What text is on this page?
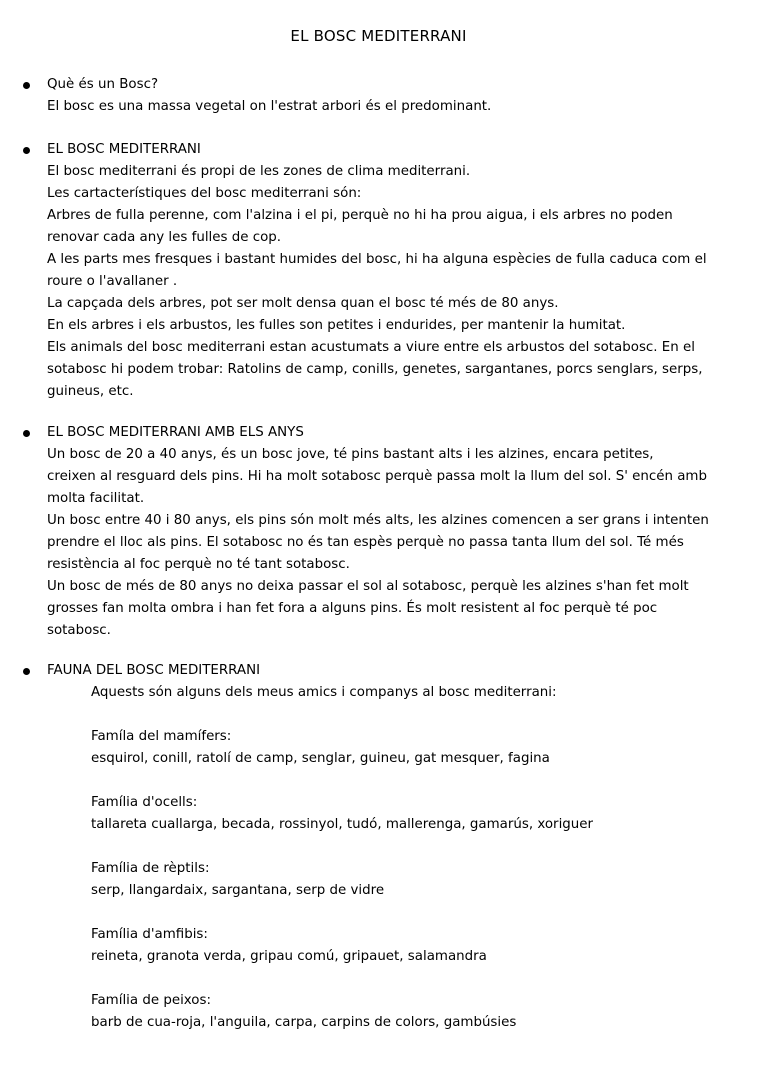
EL BOSC MEDITERRANI
Què és un Bosc?
El bosc es una massa vegetal on l'estrat arbori és el predominant.
EL BOSC MEDITERRANI
El bosc mediterrani és propi de les zones de clima mediterrani.
Les cartacterístiques del bosc mediterrani són:
Arbres de fulla perenne, com l'alzina i el pi, perquè no hi ha prou aigua, i els arbres no poden
renovar cada any les fulles de cop.
A les parts mes fresques i bastant humides del bosc, hi ha alguna espècies de fulla caduca com el
roure o l'avallaner .
La capçada dels arbres, pot ser molt densa quan el bosc té més de 80 anys.
En els arbres i els arbustos, les fulles son petites i endurides, per mantenir la humitat.
Els animals del bosc mediterrani estan acustumats a viure entre els arbustos del sotabosc. En el
sotabosc hi podem trobar: Ratolins de camp, conills, genetes, sargantanes, porcs senglars, serps,
guineus, etc.
EL BOSC MEDITERRANI AMB ELS ANYS
Un bosc de 20 a 40 anys, és un bosc jove, té pins bastant alts i les alzines, encara petites,
creixen al resguard dels pins. Hi ha molt sotabosc perquè passa molt la llum del sol. S' encén amb
molta facilitat.
Un bosc entre 40 i 80 anys, els pins són molt més alts, les alzines comencen a ser grans i intenten
prendre el lloc als pins. El sotabosc no és tan espès perquè no passa tanta llum del sol. Té més
resistència al foc perquè no té tant sotabosc.
Un bosc de més de 80 anys no deixa passar el sol al sotabosc, perquè les alzines s'han fet molt
grosses fan molta ombra i han fet fora a alguns pins. És molt resistent al foc perquè té poc
sotabosc.
FAUNA DEL BOSC MEDITERRANI
Aquests són alguns dels meus amics i companys al bosc mediterrani:
Famíla del mamífers:
esquirol, conill, ratolí de camp, senglar, guineu, gat mesquer, fagina
Família d'ocells:
tallareta cuallarga, becada, rossinyol, tudó, mallerenga, gamarús, xoriguer
Família de rèptils:
serp, llangardaix, sargantana, serp de vidre
Família d'amfibis:
reineta, granota verda, gripau comú, gripauet, salamandra
Família de peixos:
barb de cua-roja, l'anguila, carpa, carpins de colors, gambúsies
